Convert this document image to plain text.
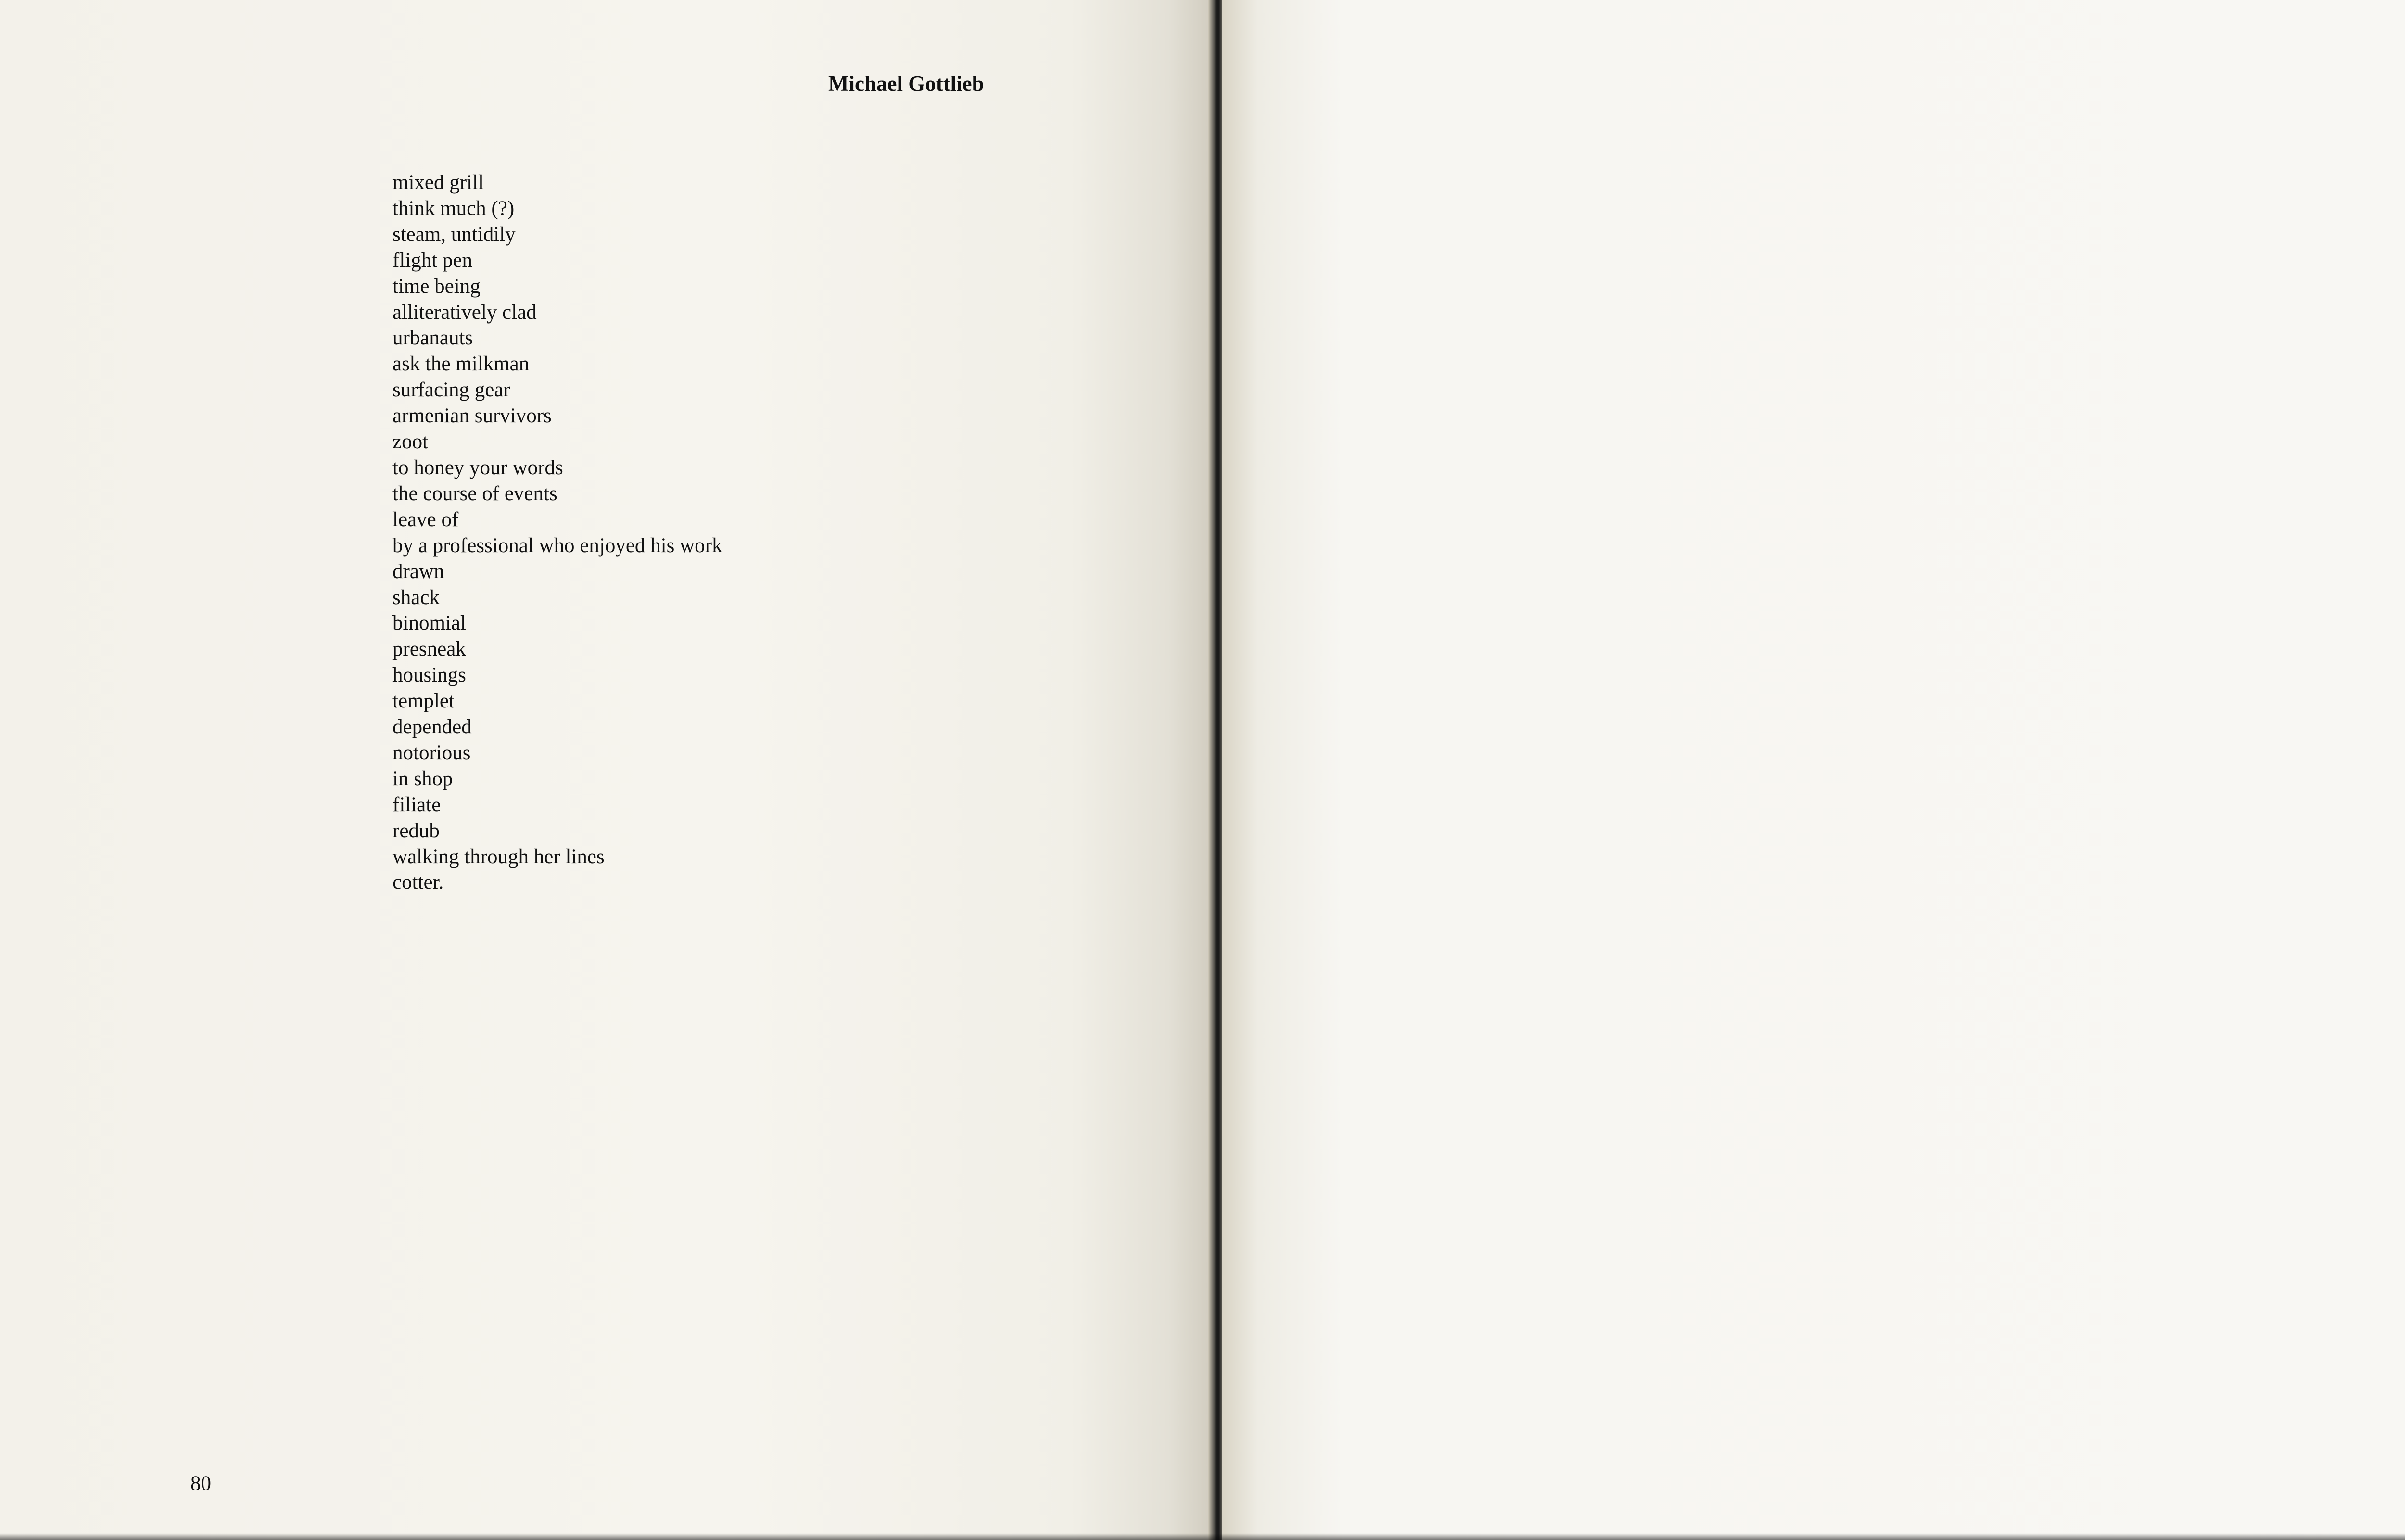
Michael Gottlieb
mixed grill
think much (?)
steam, untidily
flight pen
time being
alliteratively clad
urbanauts
ask the milkman
surfacing gear
armenian survivors
zoot
to honey your words
the course of events
leave of
by a professional who enjoyed his work
drawn
shack
binomial
presneak
housings
templet
depended
notorious
in shop
filiate
redub
walking through her lines
cotter.
80
